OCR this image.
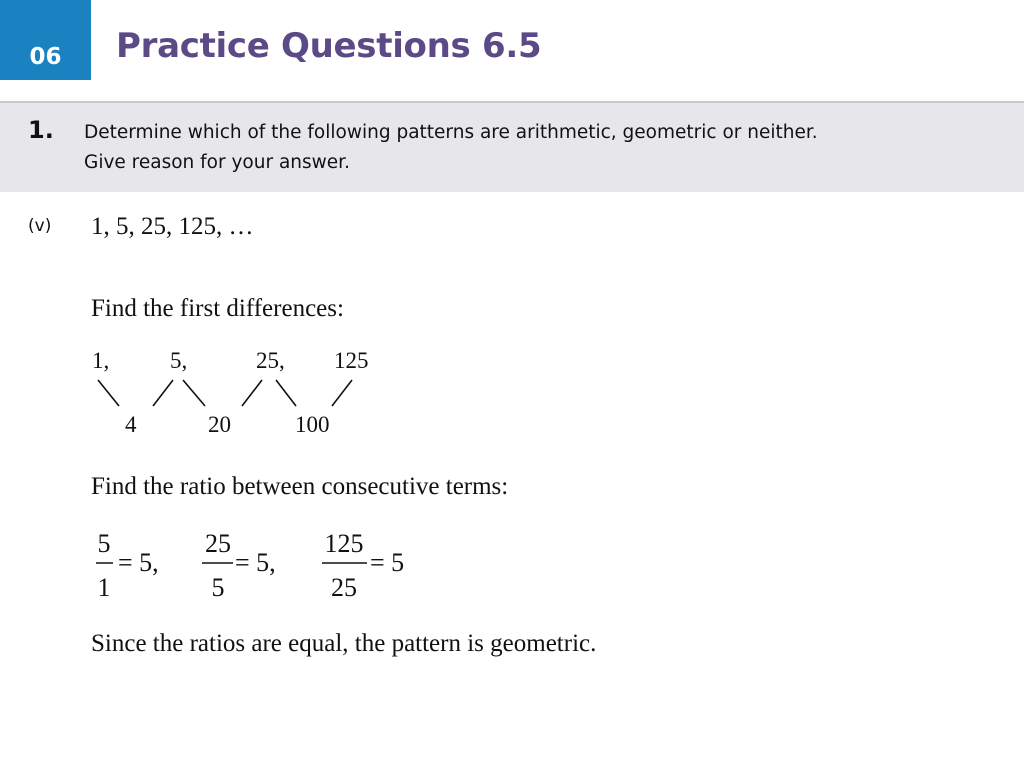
06 Practice Questions 6.5
1. Determine which of the following patterns are arithmetic, geometric or neither.
Give reason for your answer.
(v) 1, 5, 25, 125, …
Find the first differences:
1,	5,	25, 125
4	20	100
Find the ratio between consecutive terms:
5
1
= 5,
25
5
= 5,
125
25
= 5
Since the ratios are equal, the pattern is geometric.
